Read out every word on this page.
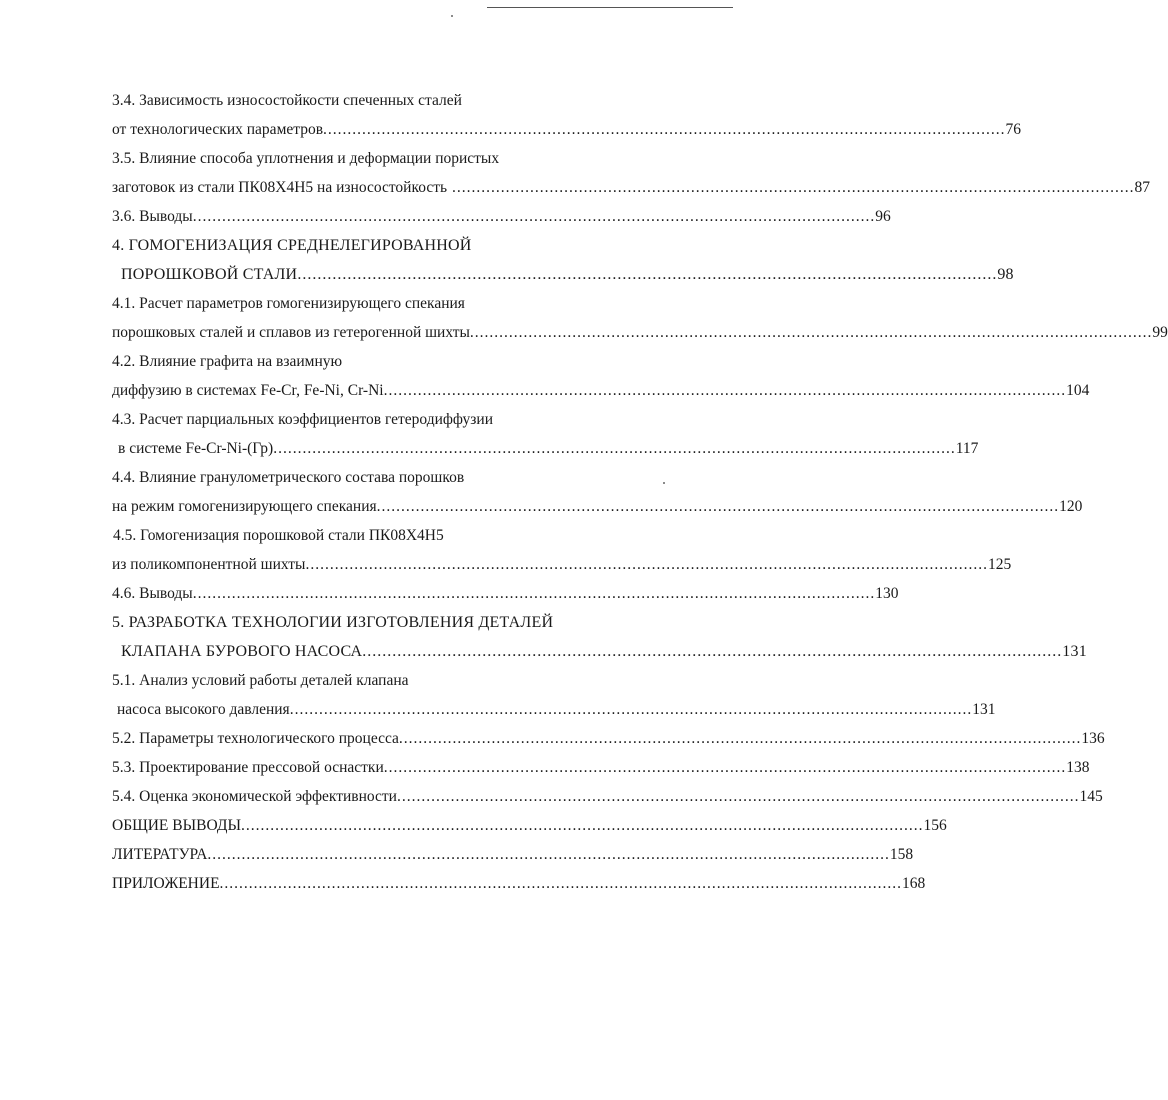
3.4. Зависимость износостойкости спеченных сталей
от технологических параметров ............................................................................................................................................ 76
3.5. Влияние способа уплотнения и деформации пористых
заготовок из стали ПК08Х4Н5 на износостойкость ............................................................................................................................................ 87
3.6. Выводы ............................................................................................................................................ 96
4. ГОМОГЕНИЗАЦИЯ СРЕДНЕЛЕГИРОВАННОЙ
ПОРОШКОВОЙ СТАЛИ ............................................................................................................................................ 98
4.1. Расчет параметров гомогенизирующего спекания
порошковых сталей и сплавов из гетерогенной шихты ............................................................................................................................................ 99
4.2. Влияние графита на взаимную
диффузию в системах Fe-Cr, Fe-Ni, Cr-Ni ............................................................................................................................................ 104
4.3. Расчет парциальных коэффициентов гетеродиффузии
в системе Fe-Cr-Ni-(Гр) ............................................................................................................................................ 117
4.4. Влияние гранулометрического состава порошков
на режим гомогенизирующего спекания ............................................................................................................................................ 120
4.5. Гомогенизация порошковой стали ПК08Х4Н5
из поликомпонентной шихты ............................................................................................................................................ 125
4.6. Выводы ............................................................................................................................................ 130
5. РАЗРАБОТКА ТЕХНОЛОГИИ ИЗГОТОВЛЕНИЯ ДЕТАЛЕЙ
КЛАПАНА БУРОВОГО НАСОСА ............................................................................................................................................ 131
5.1. Анализ условий работы деталей клапана
насоса высокого давления ............................................................................................................................................ 131
5.2. Параметры технологического процесса ............................................................................................................................................ 136
5.3. Проектирование прессовой оснастки ............................................................................................................................................ 138
5.4. Оценка экономической эффективности ............................................................................................................................................ 145
ОБЩИЕ ВЫВОДЫ ............................................................................................................................................ 156
ЛИТЕРАТУРА ............................................................................................................................................ 158
ПРИЛОЖЕНИЕ ............................................................................................................................................ 168
